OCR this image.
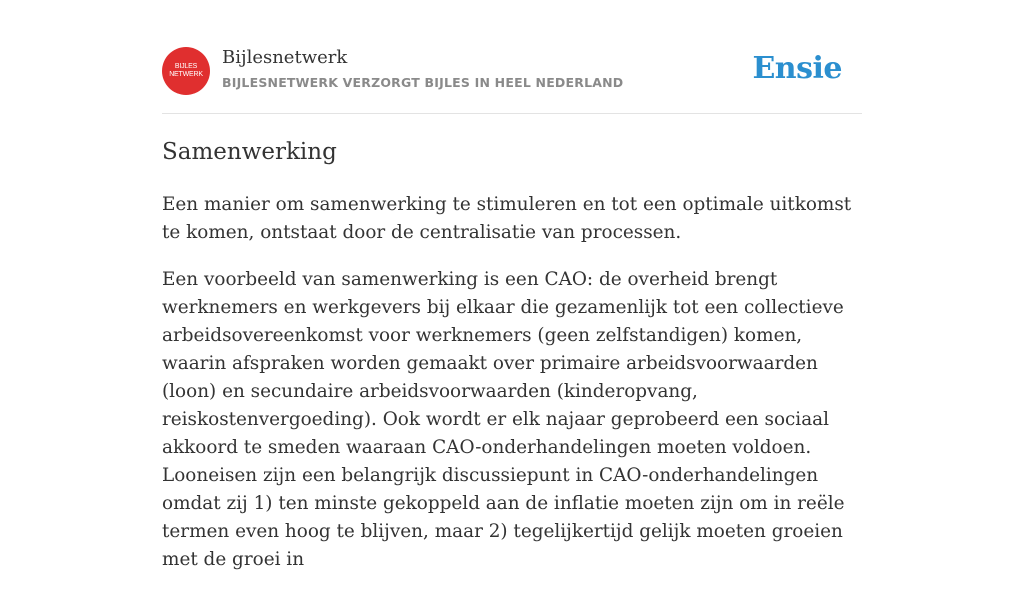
BIJLES
NETWERK
Bijlesnetwerk
BIJLESNETWERK VERZORGT BIJLES IN HEEL NEDERLAND	Ensie
Samenwerking

Een manier om samenwerking te stimuleren en tot een optimale uitkomst te komen, ontstaat door de centralisatie van processen.

Een voorbeeld van samenwerking is een CAO: de overheid brengt werknemers en werkgevers bij elkaar die gezamenlijk tot een collectieve arbeidsovereenkomst voor werknemers (geen zelfstandigen) komen, waarin afspraken worden gemaakt over primaire arbeidsvoorwaarden (loon) en secundaire arbeidsvoorwaarden (kinderopvang, reiskostenvergoeding). Ook wordt er elk najaar geprobeerd een sociaal akkoord te smeden waaraan CAO-onderhandelingen moeten voldoen. Looneisen zijn een belangrijk discussiepunt in CAO-onderhandelingen omdat zij 1) ten minste gekoppeld aan de inflatie moeten zijn om in reële termen even hoog te blijven, maar 2) tegelijkertijd gelijk moeten groeien met de groei in
